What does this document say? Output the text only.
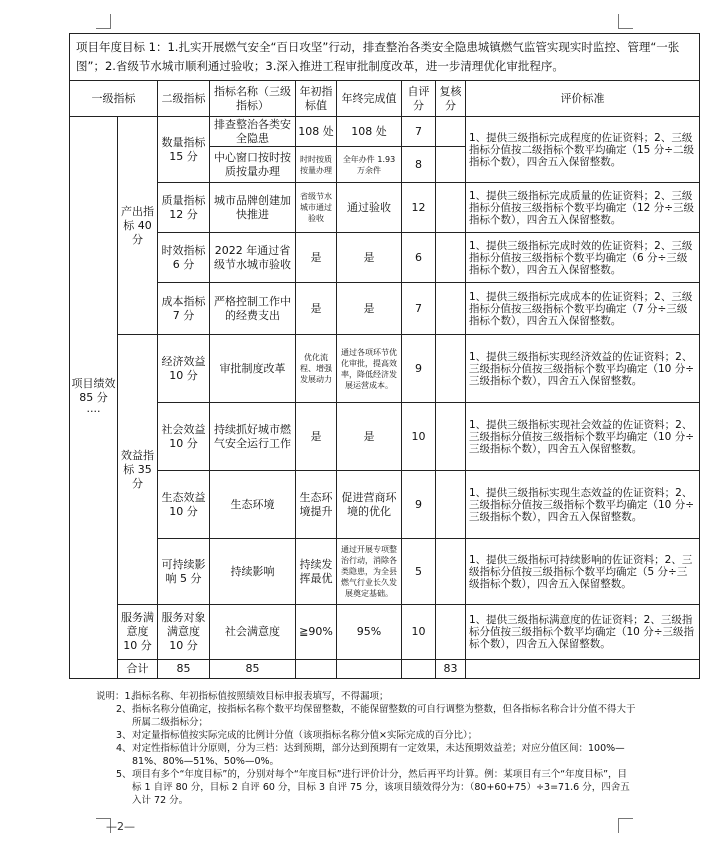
项目年度目标 1：1.扎实开展燃气安全“百日攻坚”行动，排查整治各类安全隐患城镇燃气监管实现实时监控、管理“一张图”；2.省级节水城市顺利通过验收；3.深入推进工程审批制度改革，进一步清理优化审批程序。									
一级指标		二级指标	指标名称（三级指标）	年初指标值	年终完成值	自评分	复核分	评价标准	
项目绩效 85 分
····	产出指标 40 分	数量指标 15 分	排查整治各类安全隐患	108 处	108 处	7		1、提供三级指标完成程度的佐证资料；2、三级指标分值按二级指标个数平均确定（15 分÷二级指标个数），四舍五入保留整数。	
			中心窗口按时按质按量办理	时时按质按量办理	全年办件 1.93 万余件	8			
		质量指标 12 分	城市品牌创建加快推进	省级节水城市通过验收	通过验收	12		1、提供三级指标完成质量的佐证资料；2、三级指标分值按三级指标个数平均确定（12 分÷三级指标个数），四舍五入保留整数。	
		时效指标 6 分	2022 年通过省级节水城市验收	是	是	6		1、提供三级指标完成时效的佐证资料；2、三级指标分值按三级指标个数平均确定（6 分÷三级指标个数），四舍五入保留整数。	
		成本指标 7 分	严格控制工作中的经费支出	是	是	7		1、提供三级指标完成成本的佐证资料；2、三级指标分值按三级指标个数平均确定（7 分÷三级指标个数），四舍五入保留整数。	
	效益指标 35 分	经济效益 10 分	审批制度改革	优化流程、增强发展动力	通过各项环节优化审批，提高效率，降低经济发展运营成本。	9		1、提供三级指标实现经济效益的佐证资料；2、三级指标分值按三级指标个数平均确定（10 分÷三级指标个数），四舍五入保留整数。	
		社会效益 10 分	持续抓好城市燃气安全运行工作	是	是	10		1、提供三级指标实现社会效益的佐证资料；2、三级指标分值按三级指标个数平均确定（10 分÷三级指标个数），四舍五入保留整数。	
		生态效益 10 分	生态环境	生态环境提升	促进营商环境的优化	9		1、提供三级指标实现生态效益的佐证资料；2、三级指标分值按三级指标个数平均确定（10 分÷三级指标个数），四舍五入保留整数。	
		可持续影响 5 分	持续影响	持续发挥最优	通过开展专项整治行动，消除各类隐患，为全县燃气行业长久发展奠定基础。	5		1、提供三级指标可持续影响的佐证资料；2、三级指标分值按三级指标个数平均确定（5 分÷三级指标个数），四舍五入保留整数。	
	服务满意度 10 分	服务对象满意度 10 分	社会满意度	≧90%	95%	10		1、提供三级指标满意度的佐证资料；2、三级指标分值按三级指标个数平均确定（10 分÷三级指标个数），四舍五入保留整数。	
	合计	85	85				83		
说明：1、
指标名称、年初指标值按照绩效目标申报表填写，不得漏项；
2、 指标名称分值确定，按指标名称个数平均保留整数，不能保留整数的可自行调整为整数，但各指标名称合计分值不得大于所属二级指标分；
3、 对定量指标值按实际完成的比例计分值（该项指标名称分值×实际完成的百分比）；
4、 对定性指标值计分原则，分为三档：达到预期，部分达到预期有一定效果，未达预期效益差；对应分值区间：100%—81%、80%—51%、50%—0%。
5、 项目有多个“年度目标”的，分别对每个“年度目标”进行评价计分，然后再平均计算。例：某项目有三个“年度目标”，目标 1 自评 80 分，目标 2 自评 60 分，目标 3 自评 75 分，该项目绩效得分为：（80+60+75）÷3=71.6 分，四舍五入计 72 分。
—2—
